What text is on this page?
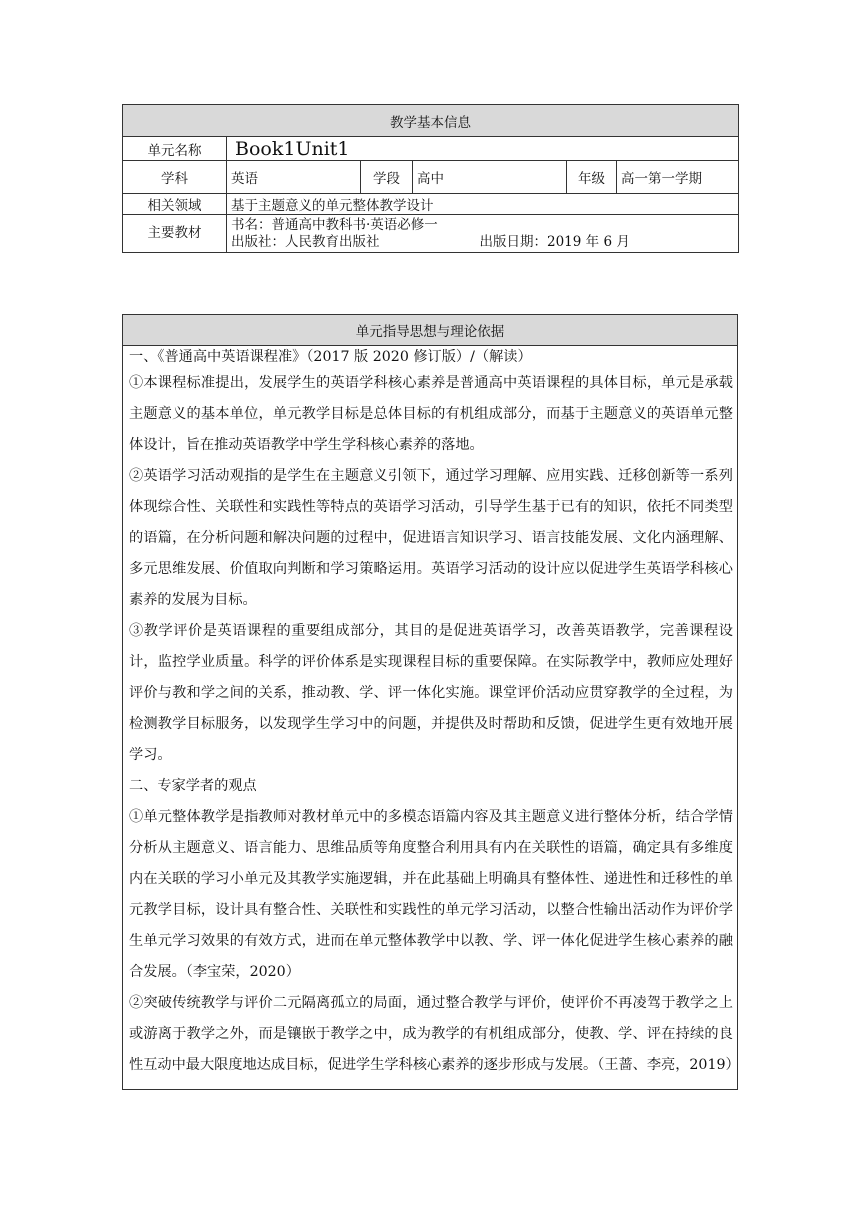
教学基本信息					
单元名称	Book1Unit1				
学科	英语	学段	高中	年级	高一第一学期
相关领域	基于主题意义的单元整体教学设计				
主要教材	书名：普通高中教科书·英语必修一
出版社：人民教育出版社 出版日期：2019 年 6 月				
单元指导思想与理论依据

一、《普通高中英语课程准》（2017 版 2020 修订版）/（解读）
①本课程标准提出，发展学生的英语学科核心素养是普通高中英语课程的具体目标，单元是承载主题意义的基本单位，单元教学目标是总体目标的有机组成部分，而基于主题意义的英语单元整体设计，旨在推动英语教学中学生学科核心素养的落地。
②英语学习活动观指的是学生在主题意义引领下，通过学习理解、应用实践、迁移创新等一系列体现综合性、关联性和实践性等特点的英语学习活动，引导学生基于已有的知识，依托不同类型的语篇，在分析问题和解决问题的过程中，促进语言知识学习、语言技能发展、文化内涵理解、多元思维发展、价值取向判断和学习策略运用。英语学习活动的设计应以促进学生英语学科核心素养的发展为目标。
③教学评价是英语课程的重要组成部分，其目的是促进英语学习，改善英语教学，完善课程设计，监控学业质量。科学的评价体系是实现课程目标的重要保障。在实际教学中，教师应处理好评价与教和学之间的关系，推动教、学、评一体化实施。课堂评价活动应贯穿教学的全过程，为检测教学目标服务，以发现学生学习中的问题，并提供及时帮助和反馈，促进学生更有效地开展学习。
二、专家学者的观点
①单元整体教学是指教师对教材单元中的多模态语篇内容及其主题意义进行整体分析，结合学情分析从主题意义、语言能力、思维品质等角度整合利用具有内在关联性的语篇，确定具有多维度内在关联的学习小单元及其教学实施逻辑，并在此基础上明确具有整体性、递进性和迁移性的单元教学目标，设计具有整合性、关联性和实践性的单元学习活动，以整合性输出活动作为评价学生单元学习效果的有效方式，进而在单元整体教学中以教、学、评一体化促进学生核心素养的融合发展。（李宝荣，2020）
②突破传统教学与评价二元隔离孤立的局面，通过整合教学与评价，使评价不再凌驾于教学之上或游离于教学之外，而是镶嵌于教学之中，成为教学的有机组成部分，使教、学、评在持续的良性互动中最大限度地达成目标，促进学生学科核心素养的逐步形成与发展。（王蔷、李亮，2019）
